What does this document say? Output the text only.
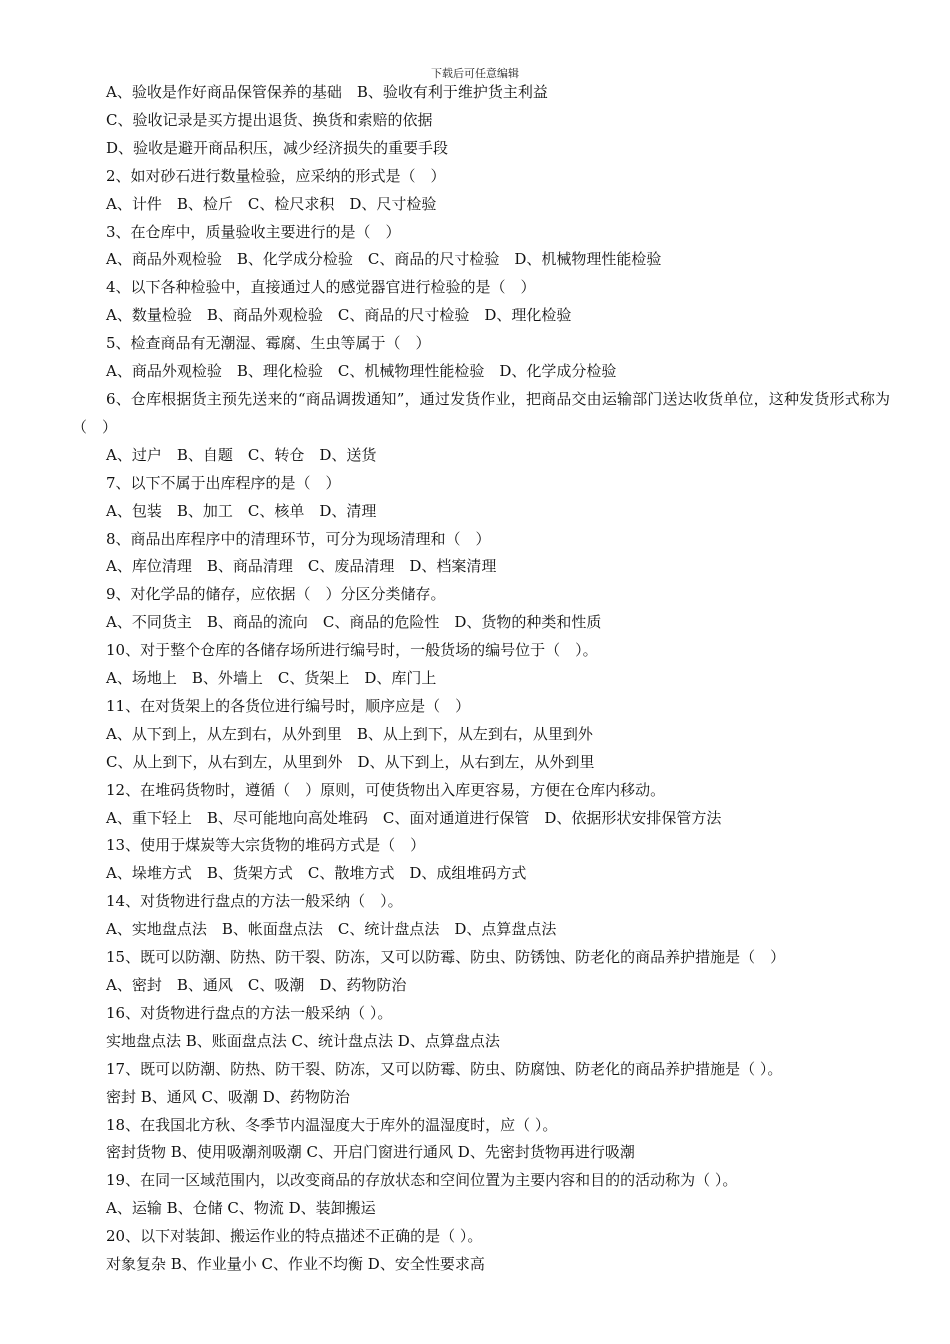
下载后可任意编辑
A、验收是作好商品保管保养的基础　B、验收有利于维护货主利益
C、验收记录是买方提出退货、换货和索赔的依据
D、验收是避开商品积压，减少经济损失的重要手段
2、如对砂石进行数量检验，应采纳的形式是（　）
A、计件　B、检斤　C、检尺求积　D、尺寸检验
3、在仓库中，质量验收主要进行的是（　）
A、商品外观检验　B、化学成分检验　C、商品的尺寸检验　D、机械物理性能检验
4、以下各种检验中，直接通过人的感觉器官进行检验的是（　）
A、数量检验　B、商品外观检验　C、商品的尺寸检验　D、理化检验
5、检查商品有无潮湿、霉腐、生虫等属于（　）
A、商品外观检验　B、理化检验　C、机械物理性能检验　D、化学成分检验
6、仓库根据货主预先送来的“商品调拨通知”，通过发货作业，把商品交由运输部门送达收货单位，这种发货形式称为（　）
A、过户　B、自题　C、转仓　D、送货
7、以下不属于出库程序的是（　）
A、包装　B、加工　C、核单　D、清理
8、商品出库程序中的清理环节，可分为现场清理和（　）
A、库位清理　B、商品清理　C、废品清理　D、档案清理
9、对化学品的储存，应依据（　）分区分类储存。
A、不同货主　B、商品的流向　C、商品的危险性　D、货物的种类和性质
10、对于整个仓库的各储存场所进行编号时，一般货场的编号位于（　）。
A、场地上　B、外墙上　C、货架上　D、库门上
11、在对货架上的各货位进行编号时，顺序应是（　）
A、从下到上，从左到右，从外到里　B、从上到下，从左到右，从里到外
C、从上到下，从右到左，从里到外　D、从下到上，从右到左，从外到里
12、在堆码货物时，遵循（　）原则，可使货物出入库更容易，方便在仓库内移动。
A、重下轻上　B、尽可能地向高处堆码　C、面对通道进行保管　D、依据形状安排保管方法
13、使用于煤炭等大宗货物的堆码方式是（　）
A、垛堆方式　B、货架方式　C、散堆方式　D、成组堆码方式
14、对货物进行盘点的方法一般采纳（　）。
A、实地盘点法　B、帐面盘点法　C、统计盘点法　D、点算盘点法
15、既可以防潮、防热、防干裂、防冻，又可以防霉、防虫、防锈蚀、防老化的商品养护措施是（　）
A、密封　B、通风　C、吸潮　D、药物防治
16、对货物进行盘点的方法一般采纳（ ）。
实地盘点法 B、账面盘点法 C、统计盘点法 D、点算盘点法
17、既可以防潮、防热、防干裂、防冻，又可以防霉、防虫、防腐蚀、防老化的商品养护措施是（ ）。
密封 B、通风 C、吸潮 D、药物防治
18、在我国北方秋、冬季节内温湿度大于库外的温湿度时，应（ ）。
密封货物 B、使用吸潮剂吸潮 C、开启门窗进行通风 D、先密封货物再进行吸潮
19、在同一区域范围内，以改变商品的存放状态和空间位置为主要内容和目的的活动称为（ ）。
A、运输 B、仓储 C、物流 D、装卸搬运
20、以下对装卸、搬运作业的特点描述不正确的是（ ）。
对象复杂 B、作业量小 C、作业不均衡 D、安全性要求高
